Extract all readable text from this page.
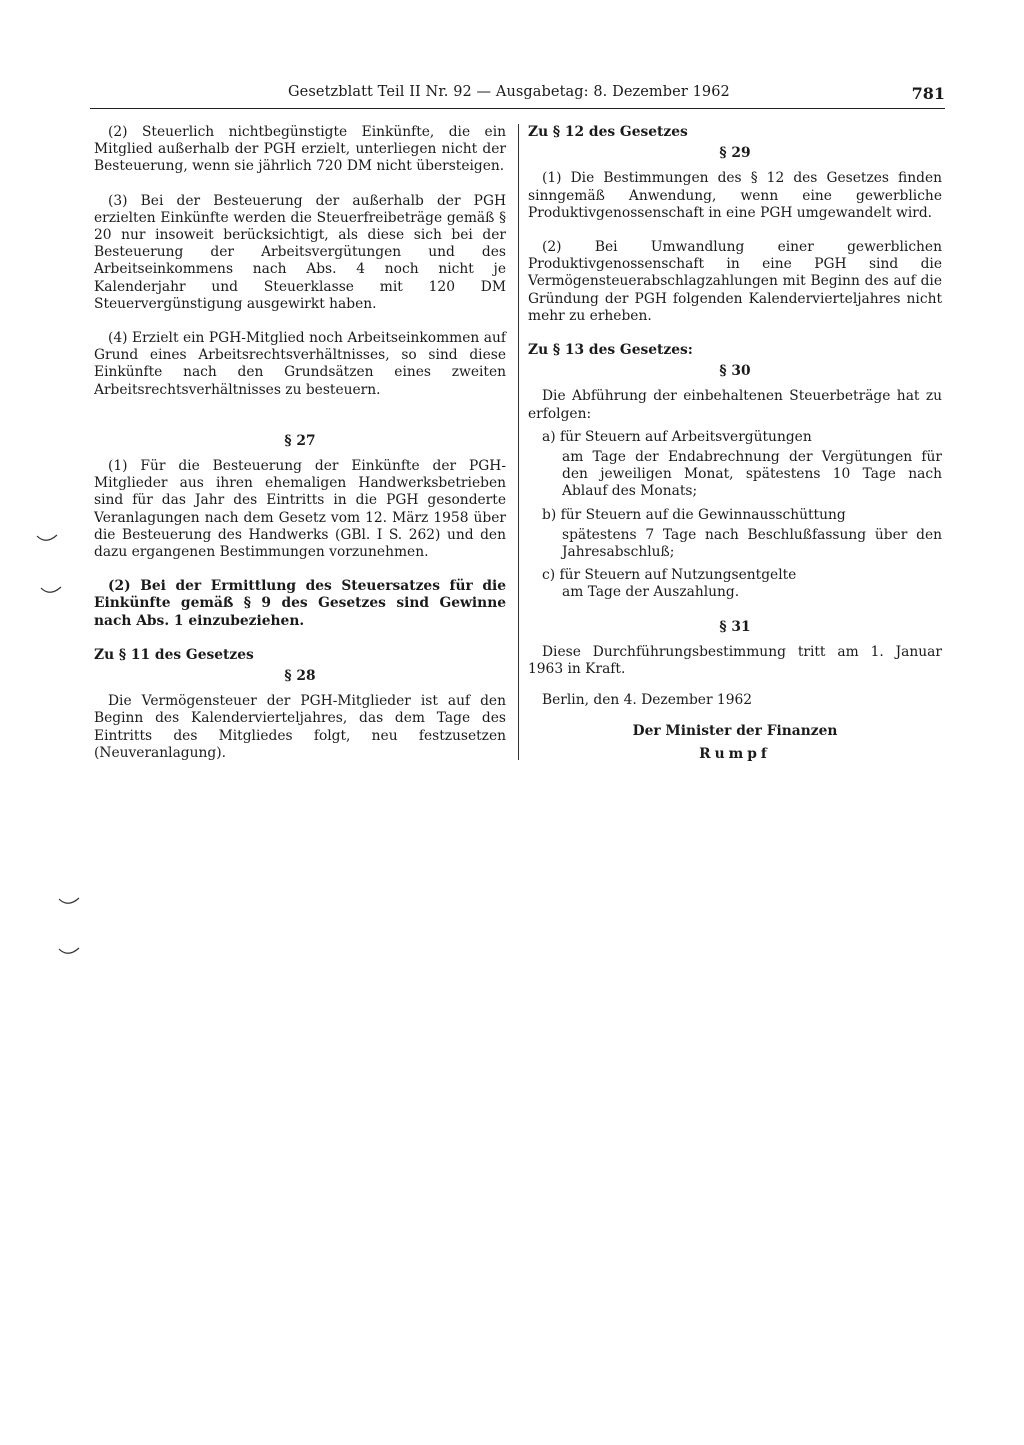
Gesetzblatt Teil II Nr. 92 — Ausgabetag: 8. Dezember 1962	781

(2) Steuerlich nichtbegünstigte Einkünfte, die ein Mitglied außerhalb der PGH erzielt, unterliegen nicht der Besteuerung, wenn sie jährlich 720 DM nicht übersteigen.

(3) Bei der Besteuerung der außerhalb der PGH erzielten Einkünfte werden die Steuerfreibeträge gemäß § 20 nur insoweit berücksichtigt, als diese sich bei der Besteuerung der Arbeitsvergütungen und des Arbeitseinkommens nach Abs. 4 noch nicht je Kalenderjahr und Steuerklasse mit 120 DM Steuervergünstigung ausgewirkt haben.

(4) Erzielt ein PGH-Mitglied noch Arbeitseinkommen auf Grund eines Arbeitsrechtsverhältnisses, so sind diese Einkünfte nach den Grundsätzen eines zweiten Arbeitsrechtsverhältnisses zu besteuern.

§ 27

(1) Für die Besteuerung der Einkünfte der PGH-Mitglieder aus ihren ehemaligen Handwerksbetrieben sind für das Jahr des Eintritts in die PGH gesonderte Veranlagungen nach dem Gesetz vom 12. März 1958 über die Besteuerung des Handwerks (GBl. I S. 262) und den dazu ergangenen Bestimmungen vorzunehmen.

(2) Bei der Ermittlung des Steuersatzes für die Einkünfte gemäß § 9 des Gesetzes sind Gewinne nach Abs. 1 einzubeziehen.

Zu § 11 des Gesetzes

§ 28

Die Vermögensteuer der PGH-Mitglieder ist auf den Beginn des Kalendervierteljahres, das dem Tage des Eintritts des Mitgliedes folgt, neu festzusetzen (Neuveranlagung).

Zu § 12 des Gesetzes

§ 29

(1) Die Bestimmungen des § 12 des Gesetzes finden sinngemäß Anwendung, wenn eine gewerbliche Produktivgenossenschaft in eine PGH umgewandelt wird.

(2) Bei Umwandlung einer gewerblichen Produktivgenossenschaft in eine PGH sind die Vermögensteuerabschlagzahlungen mit Beginn des auf die Gründung der PGH folgenden Kalendervierteljahres nicht mehr zu erheben.

Zu § 13 des Gesetzes:

§ 30

Die Abführung der einbehaltenen Steuerbeträge hat zu erfolgen:

a) für Steuern auf Arbeitsvergütungen
am Tage der Endabrechnung der Vergütungen für den jeweiligen Monat, spätestens 10 Tage nach Ablauf des Monats;
b) für Steuern auf die Gewinnausschüttung
spätestens 7 Tage nach Beschlußfassung über den Jahresabschluß;
c) für Steuern auf Nutzungsentgelte
am Tage der Auszahlung.

§ 31

Diese Durchführungsbestimmung tritt am 1. Januar 1963 in Kraft.

Berlin, den 4. Dezember 1962

Der Minister der Finanzen

Rumpf
